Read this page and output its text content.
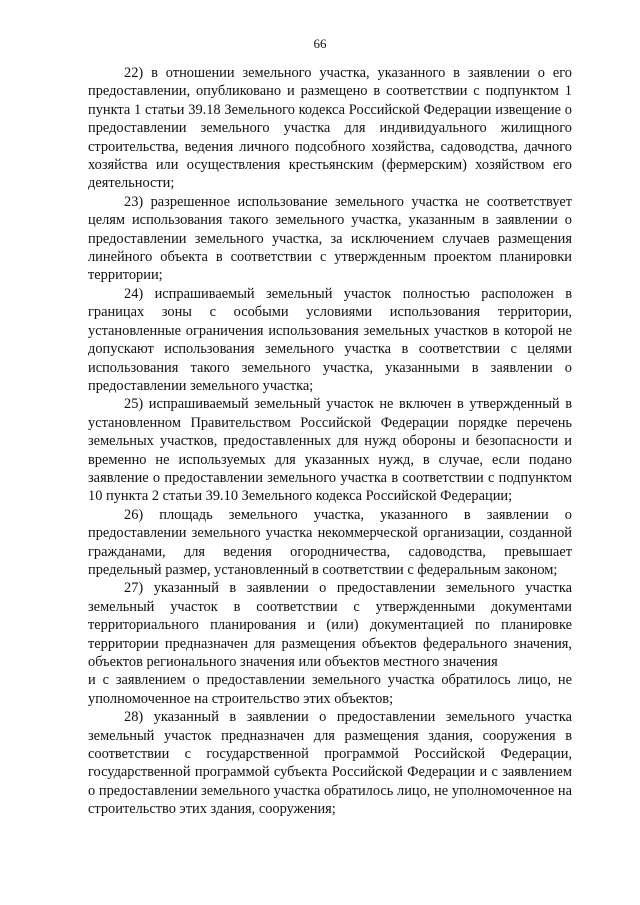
66

22) в отношении земельного участка, указанного в заявлении о его предоставлении, опубликовано и размещено в соответствии с подпунктом 1 пункта 1 статьи 39.18 Земельного кодекса Российской Федерации извещение о предоставлении земельного участка для индивидуального жилищного строительства, ведения личного подсобного хозяйства, садоводства, дачного хозяйства или осуществления крестьянским (фермерским) хозяйством его деятельности;

23) разрешенное использование земельного участка не соответствует целям использования такого земельного участка, указанным в заявлении о предоставлении земельного участка, за исключением случаев размещения линейного объекта в соответствии с утвержденным проектом планировки территории;

24) испрашиваемый земельный участок полностью расположен в границах зоны с особыми условиями использования территории, установленные ограничения использования земельных участков в которой не допускают использования земельного участка в соответствии с целями использования такого земельного участка, указанными в заявлении о предоставлении земельного участка;

25) испрашиваемый земельный участок не включен в утвержденный в установленном Правительством Российской Федерации порядке перечень земельных участков, предоставленных для нужд обороны и безопасности и временно не используемых для указанных нужд, в случае, если подано заявление о предоставлении земельного участка в соответствии с подпунктом 10 пункта 2 статьи 39.10 Земельного кодекса Российской Федерации;

26) площадь земельного участка, указанного в заявлении о предоставлении земельного участка некоммерческой организации, созданной гражданами, для ведения огородничества, садоводства, превышает предельный размер, установленный в соответствии с федеральным законом;

27) указанный в заявлении о предоставлении земельного участка земельный участок в соответствии с утвержденными документами территориального планирования и (или) документацией по планировке территории предназначен для размещения объектов федерального значения, объектов регионального значения или объектов местного значения

и с заявлением о предоставлении земельного участка обратилось лицо, не уполномоченное на строительство этих объектов;

28) указанный в заявлении о предоставлении земельного участка земельный участок предназначен для размещения здания, сооружения в соответствии с государственной программой Российской Федерации, государственной программой субъекта Российской Федерации и с заявлением о предоставлении земельного участка обратилось лицо, не уполномоченное на строительство этих здания, сооружения;
